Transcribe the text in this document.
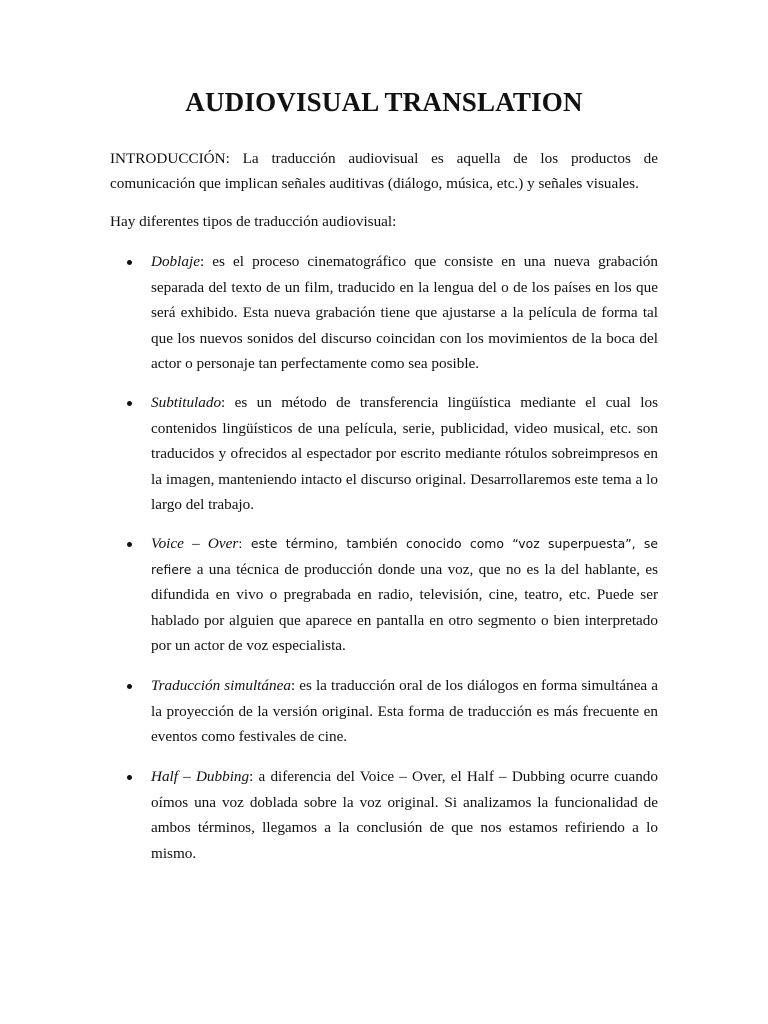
AUDIOVISUAL TRANSLATION

INTRODUCCIÓN: La traducción audiovisual es aquella de los productos de comunicación que implican señales auditivas (diálogo, música, etc.) y señales visuales.

Hay diferentes tipos de traducción audiovisual:

Doblaje: es el proceso cinematográfico que consiste en una nueva grabación separada del texto de un film, traducido en la lengua del o de los países en los que será exhibido. Esta nueva grabación tiene que ajustarse a la película de forma tal que los nuevos sonidos del discurso coincidan con los movimientos de la boca del actor o personaje tan perfectamente como sea posible.

Subtitulado: es un método de transferencia lingüística mediante el cual los contenidos lingüísticos de una película, serie, publicidad, video musical, etc. son traducidos y ofrecidos al espectador por escrito mediante rótulos sobreimpresos en la imagen, manteniendo intacto el discurso original. Desarrollaremos este tema a lo largo del trabajo.

Voice – Over: este término, también conocido como “voz superpuesta”, se refiere a una técnica de producción donde una voz, que no es la del hablante, es difundida en vivo o pregrabada en radio, televisión, cine, teatro, etc. Puede ser hablado por alguien que aparece en pantalla en otro segmento o bien interpretado por un actor de voz especialista.

Traducción simultánea: es la traducción oral de los diálogos en forma simultánea a la proyección de la versión original. Esta forma de traducción es más frecuente en eventos como festivales de cine.

Half – Dubbing: a diferencia del Voice – Over, el Half – Dubbing ocurre cuando oímos una voz doblada sobre la voz original. Si analizamos la funcionalidad de ambos términos, llegamos a la conclusión de que nos estamos refiriendo a lo mismo.
